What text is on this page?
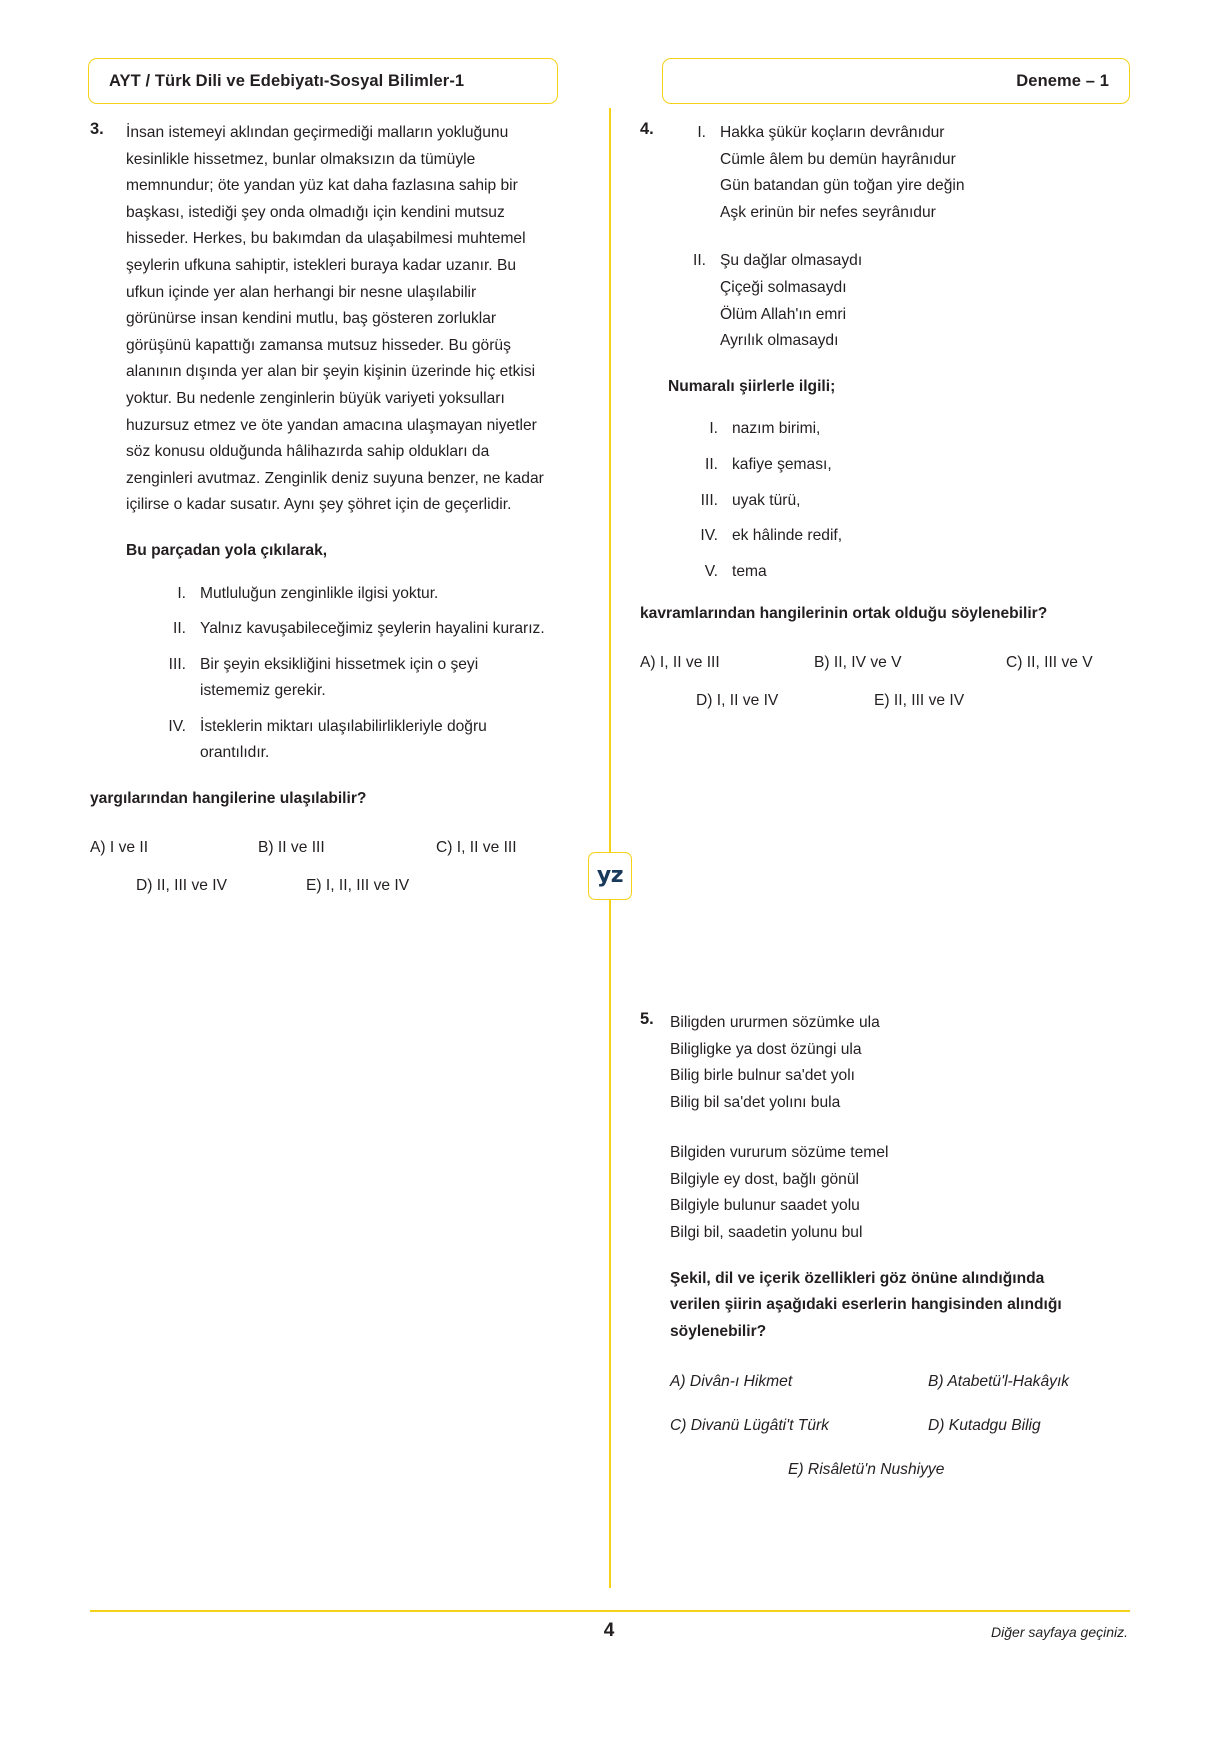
AYT / Türk Dili ve Edebiyatı-Sosyal Bilimler-1	Deneme – 1
3.	İnsan istemeyi aklından geçirmediği malların yokluğunu kesinlikle hissetmez, bunlar olmaksızın da tümüyle memnundur; öte yandan yüz kat daha fazlasına sahip bir başkası, istediği şey onda olmadığı için kendini mutsuz hisseder. Herkes, bu bakımdan da ulaşabilmesi muhtemel şeylerin ufkuna sahiptir, istekleri buraya kadar uzanır. Bu ufkun içinde yer alan herhangi bir nesne ulaşılabilir görünürse insan kendini mutlu, baş gösteren zorluklar görüşünü kapattığı zamansa mutsuz hisseder. Bu görüş alanının dışında yer alan bir şeyin kişinin üzerinde hiç etkisi yoktur. Bu nedenle zenginlerin büyük variyeti yoksulları huzursuz etmez ve öte yandan amacına ulaşmayan niyetler söz konusu olduğunda hâlihazırda sahip oldukları da zenginleri avutmaz. Zenginlik deniz suyuna benzer, ne kadar içilirse o kadar susatır. Aynı şey şöhret için de geçerlidir.

Bu parçadan yola çıkılarak,

I. Mutluluğun zenginlikle ilgisi yoktur.
II. Yalnız kavuşabileceğimiz şeylerin hayalini kurarız.
III. Bir şeyin eksikliğini hissetmek için o şeyi istememiz gerekir.
IV. İsteklerin miktarı ulaşılabilirlikleriyle doğru orantılıdır.

yargılarından hangilerine ulaşılabilir?

A) I ve II	B) II ve III	C) I, II ve III
D) II, III ve IV	E) I, II, III ve IV
4.	I. Hakka şükür koçların devrânıdur
Cümle âlem bu demün hayrânıdur
Gün batandan gün toğan yire değin
Aşk erinün bir nefes seyrânıdur
II. Şu dağlar olmasaydı
Çiçeği solmasaydı
Ölüm Allah'ın emri
Ayrılık olmasaydı

Numaralı şiirlerle ilgili;

I. nazım birimi,
II. kafiye şeması,
III. uyak türü,
IV. ek hâlinde redif,
V. tema

kavramlarından hangilerinin ortak olduğu söylenebilir?

A) I, II ve III	B) II, IV ve V	C) II, III ve V
D) I, II ve IV	E) II, III ve IV
5.	Biligden ururmen sözümke ula
Biligligke ya dost özüngi ula
Bilig birle bulnur sa'det yolı
Bilig bil sa'det yolını bula
Bilgiden vururum sözüme temel
Bilgiyle ey dost, bağlı gönül
Bilgiyle bulunur saadet yolu
Bilgi bil, saadetin yolunu bul

Şekil, dil ve içerik özellikleri göz önüne alındığında verilen şiirin aşağıdaki eserlerin hangisinden alındığı söylenebilir?

A) Divân-ı Hikmet	B) Atabetü'l-Hakâyık
C) Divanü Lügâti't Türk	D) Kutadgu Bilig
E) Risâletü'n Nushiyye
yz
4	Diğer sayfaya geçiniz.
